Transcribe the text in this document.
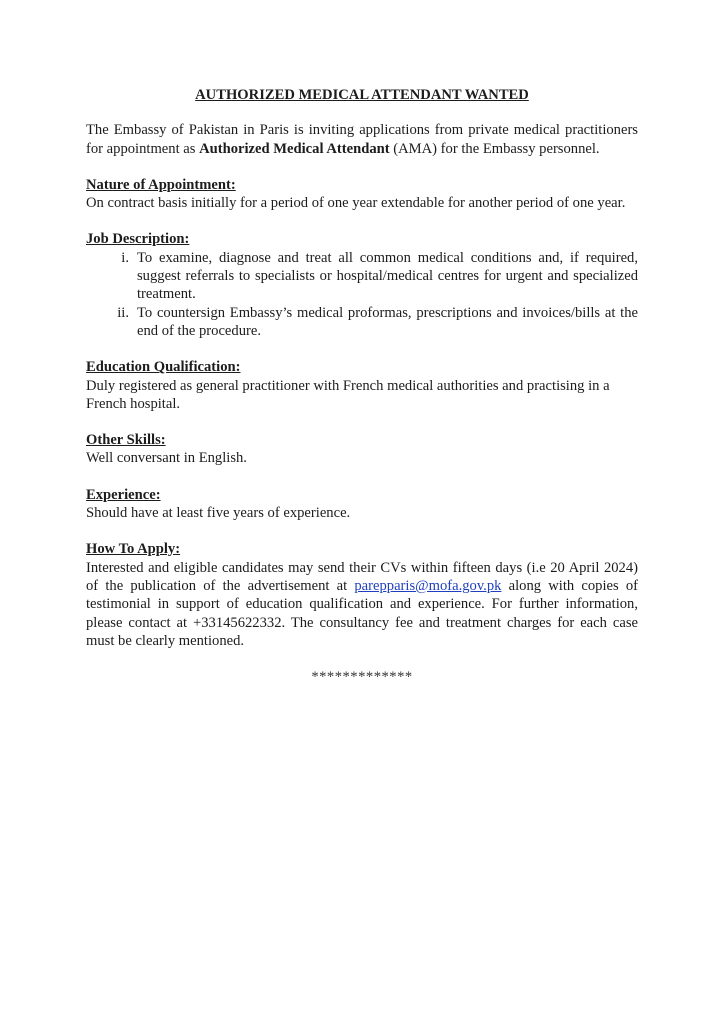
AUTHORIZED MEDICAL ATTENDANT WANTED

The Embassy of Pakistan in Paris is inviting applications from private medical practitioners for appointment as Authorized Medical Attendant (AMA) for the Embassy personnel.

Nature of Appointment:

On contract basis initially for a period of one year extendable for another period of one year.

Job Description:

i. To examine, diagnose and treat all common medical conditions and, if required, suggest referrals to specialists or hospital/medical centres for urgent and specialized treatment.
ii. To countersign Embassy’s medical proformas, prescriptions and invoices/bills at the end of the procedure.

Education Qualification:

Duly registered as general practitioner with French medical authorities and practising in a French hospital.

Other Skills:

Well conversant in English.

Experience:

Should have at least five years of experience.

How To Apply:

Interested and eligible candidates may send their CVs within fifteen days (i.e 20 April 2024) of the publication of the advertisement at parepparis@mofa.gov.pk along with copies of testimonial in support of education qualification and experience. For further information, please contact at +33145622332. The consultancy fee and treatment charges for each case must be clearly mentioned.

*************
